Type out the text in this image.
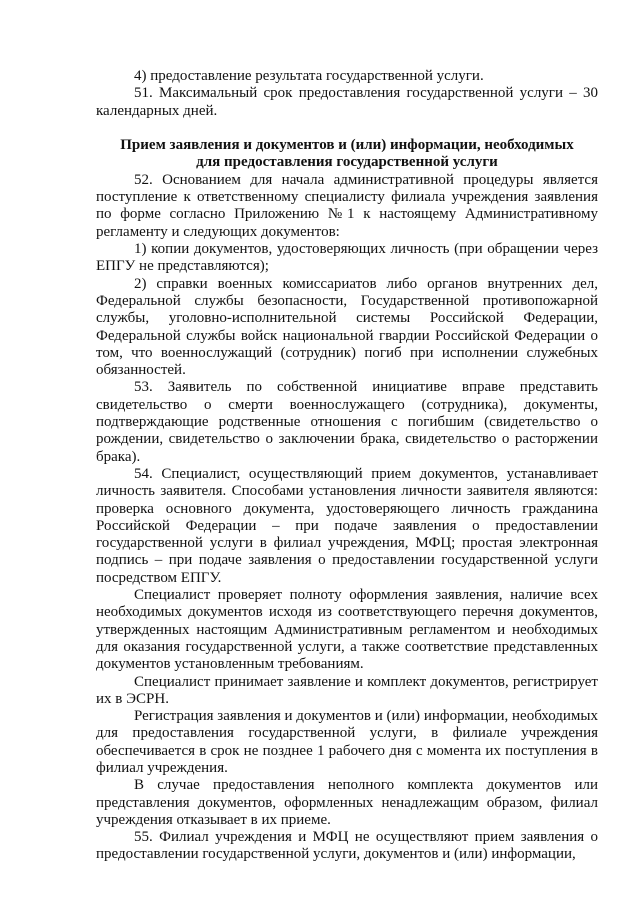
4) предоставление результата государственной услуги.

51. Максимальный срок предоставления государственной услуги – 30 календарных дней.

Прием заявления и документов и (или) информации, необходимых
для предоставления государственной услуги

52. Основанием для начала административной процедуры является поступление к ответственному специалисту филиала учреждения заявления по форме согласно Приложению №1 к настоящему Административному регламенту и следующих документов:

1) копии документов, удостоверяющих личность (при обращении через ЕПГУ не представляются);

2) справки военных комиссариатов либо органов внутренних дел, Федеральной службы безопасности, Государственной противопожарной службы, уголовно-исполнительной системы Российской Федерации, Федеральной службы войск национальной гвардии Российской Федерации о том, что военнослужащий (сотрудник) погиб при исполнении служебных обязанностей.

53. Заявитель по собственной инициативе вправе представить свидетельство о смерти военнослужащего (сотрудника), документы, подтверждающие родственные отношения с погибшим (свидетельство о рождении, свидетельство о заключении брака, свидетельство о расторжении брака).

54. Специалист, осуществляющий прием документов, устанавливает личность заявителя. Способами установления личности заявителя являются: проверка основного документа, удостоверяющего личность гражданина Российской Федерации – при подаче заявления о предоставлении государственной услуги в филиал учреждения, МФЦ; простая электронная подпись – при подаче заявления о предоставлении государственной услуги посредством ЕПГУ.

Специалист проверяет полноту оформления заявления, наличие всех необходимых документов исходя из соответствующего перечня документов, утвержденных настоящим Административным регламентом и необходимых для оказания государственной услуги, а также соответствие представленных документов установленным требованиям.

Специалист принимает заявление и комплект документов, регистрирует их в ЭСРН.

Регистрация заявления и документов и (или) информации, необходимых для предоставления государственной услуги, в филиале учреждения обеспечивается в срок не позднее 1 рабочего дня с момента их поступления в филиал учреждения.

В случае предоставления неполного комплекта документов или представления документов, оформленных ненадлежащим образом, филиал учреждения отказывает в их приеме.

55. Филиал учреждения и МФЦ не осуществляют прием заявления о предоставлении государственной услуги, документов и (или) информации,
